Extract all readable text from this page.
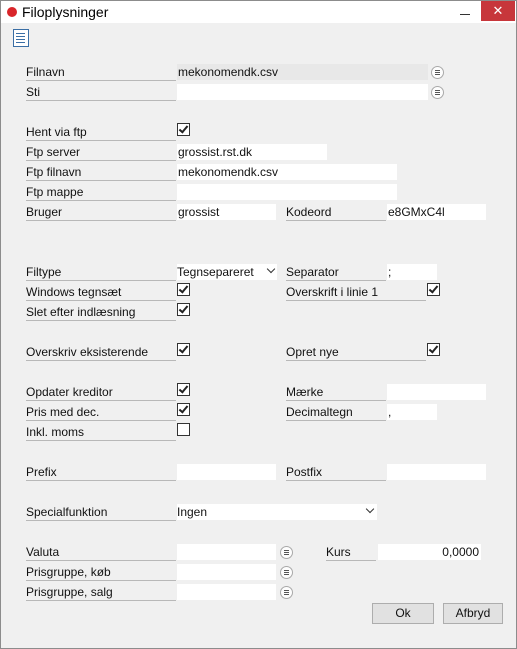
Filoplysninger	✕
Filnavn	mekonomendk.csv
Sti
Hent via ftp
Ftp server	grossist.rst.dk
Ftp filnavn	mekonomendk.csv
Ftp mappe
Bruger	grossist	Kodeord	e8GMxC4l
Filtype	Tegnsepareret	Separator	;
Windows tegnsæt	Overskrift i linie 1
Slet efter indlæsning
Overskriv eksisterende	Opret nye
Opdater kreditor	Mærke
Pris med dec.	Decimaltegn	,
Inkl. moms
Prefix	Postfix
Specialfunktion	Ingen
Valuta	Kurs	0,0000
Prisgruppe, køb
Prisgruppe, salg
Ok	Afbryd
